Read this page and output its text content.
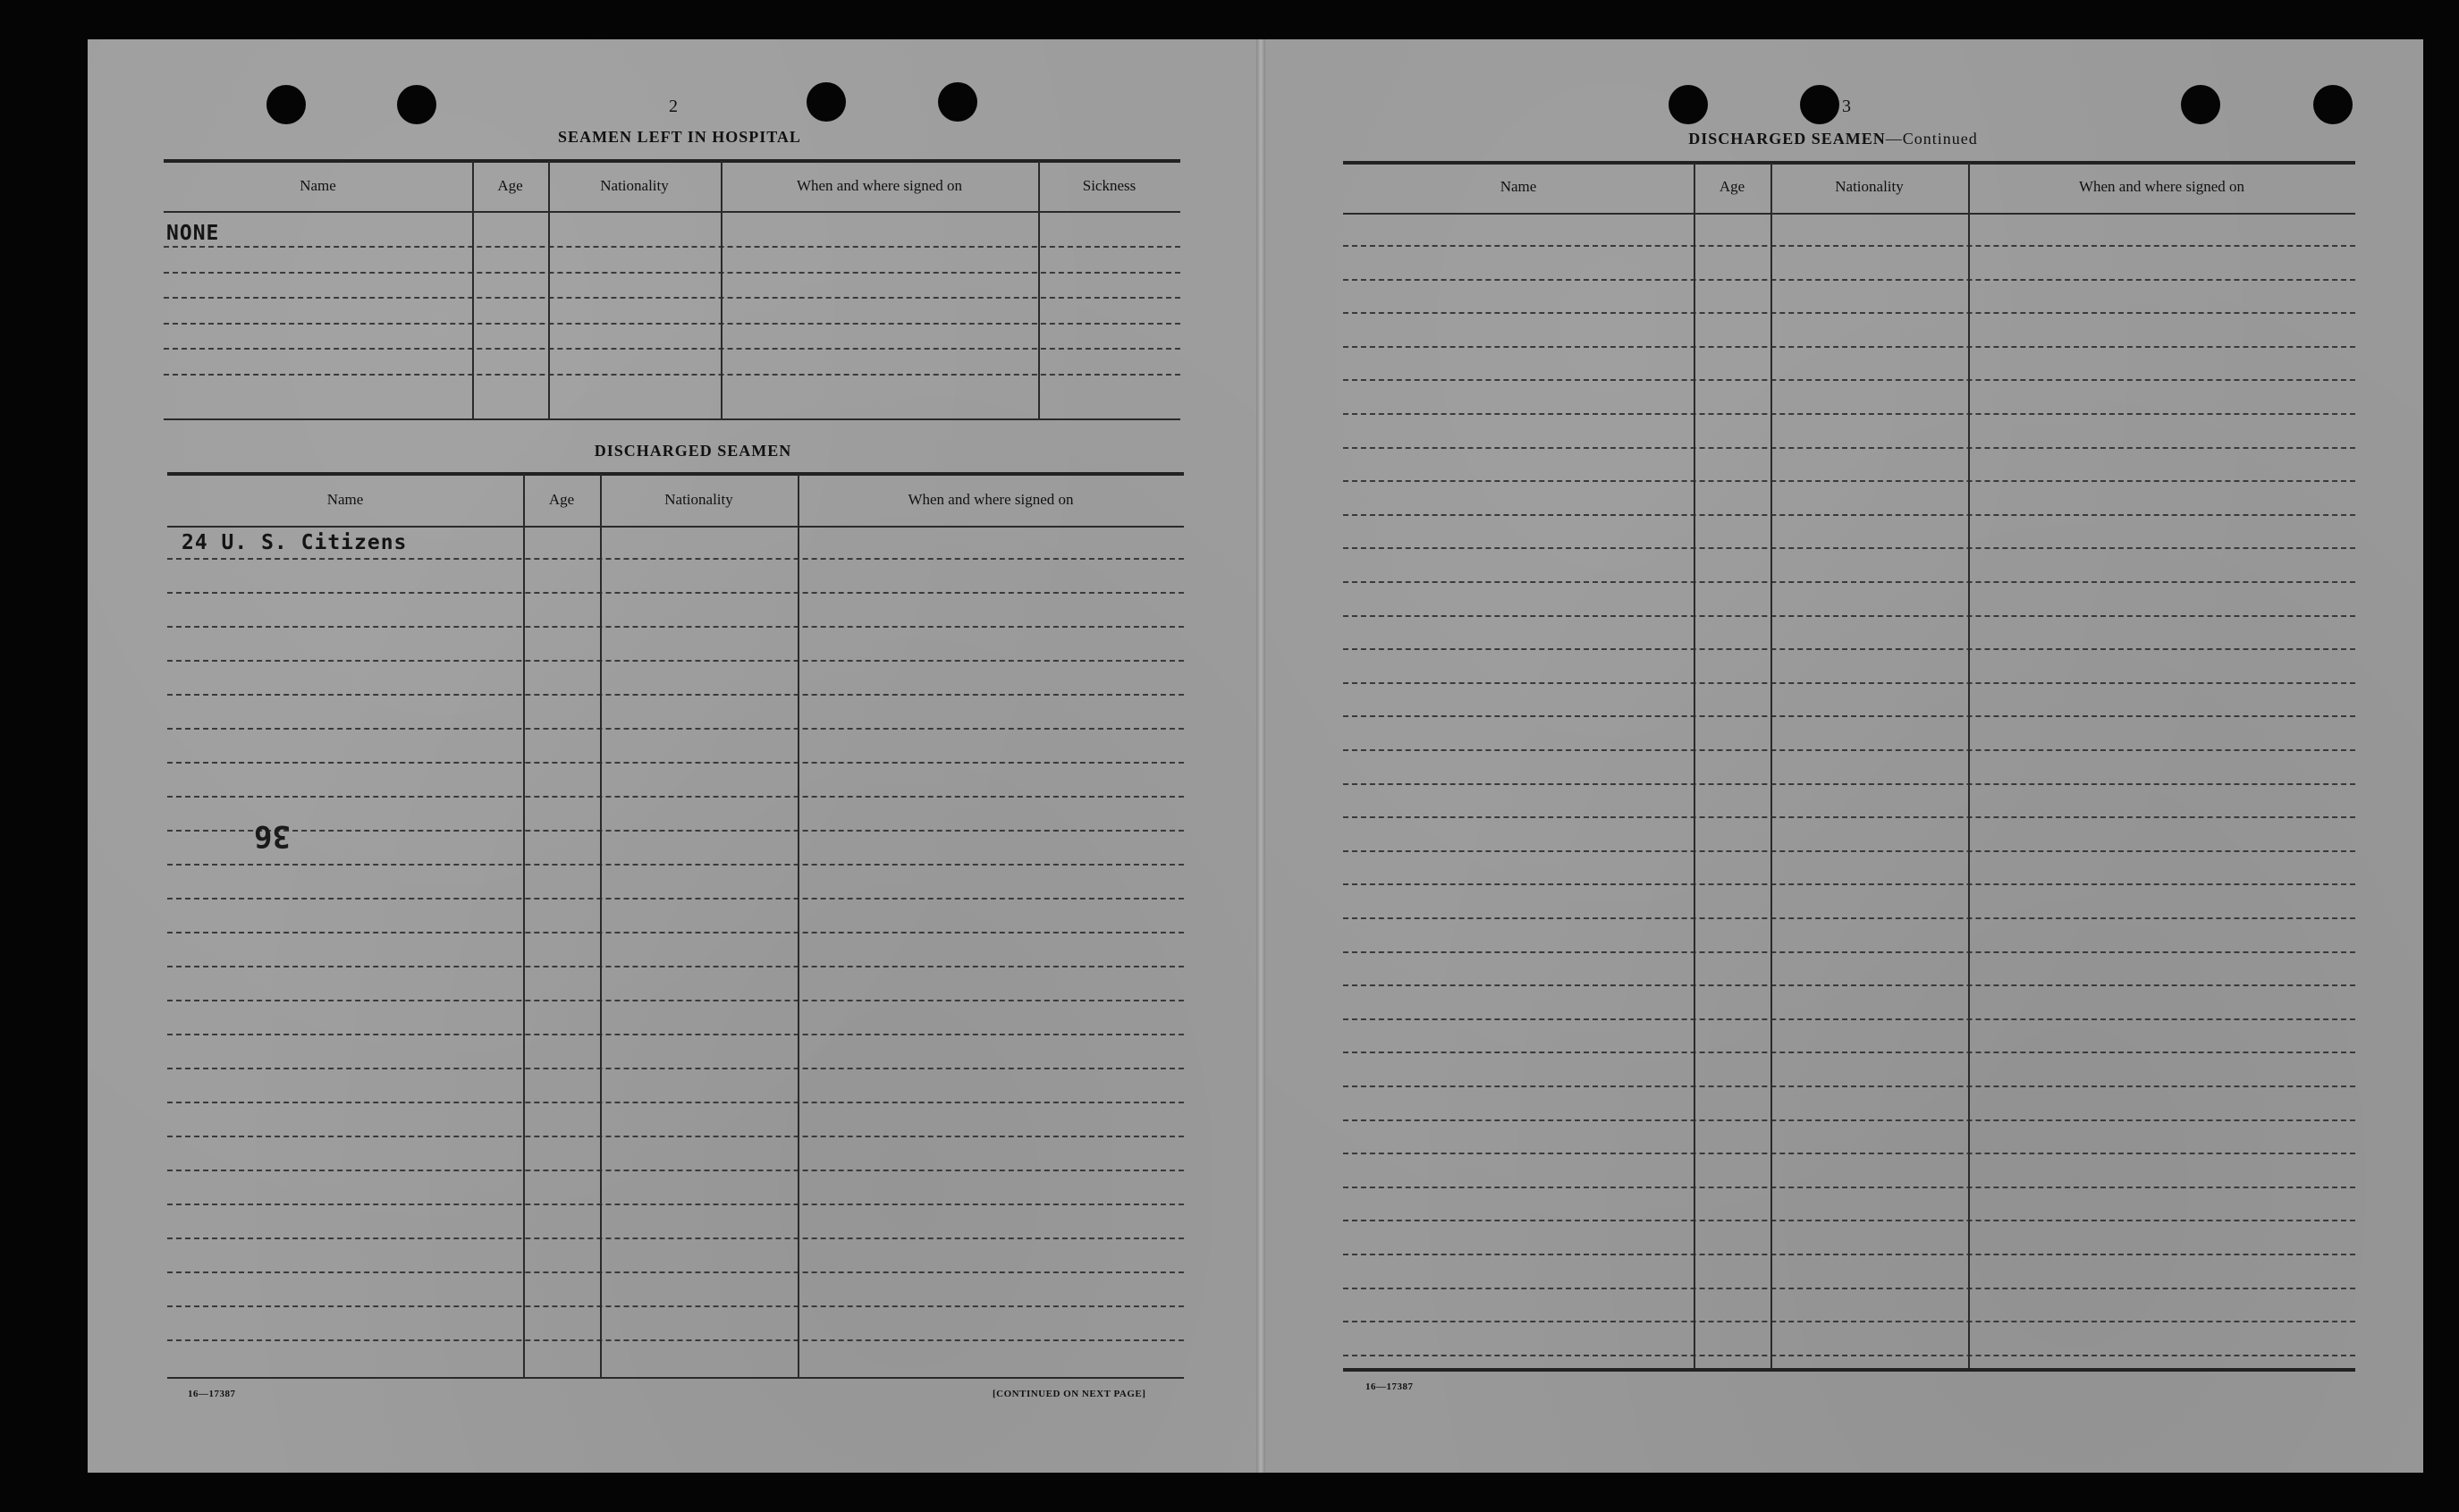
2
SEAMEN LEFT IN HOSPITAL
Name	Age	Nationality	When and where signed on	Sickness
NONE
DISCHARGED SEAMEN
Name	Age	Nationality	When and where signed on
24 U. S. Citizens
36
16—17387	[CONTINUED ON NEXT PAGE]
3
DISCHARGED SEAMEN—Continued
Name	Age	Nationality	When and where signed on
16—17387
